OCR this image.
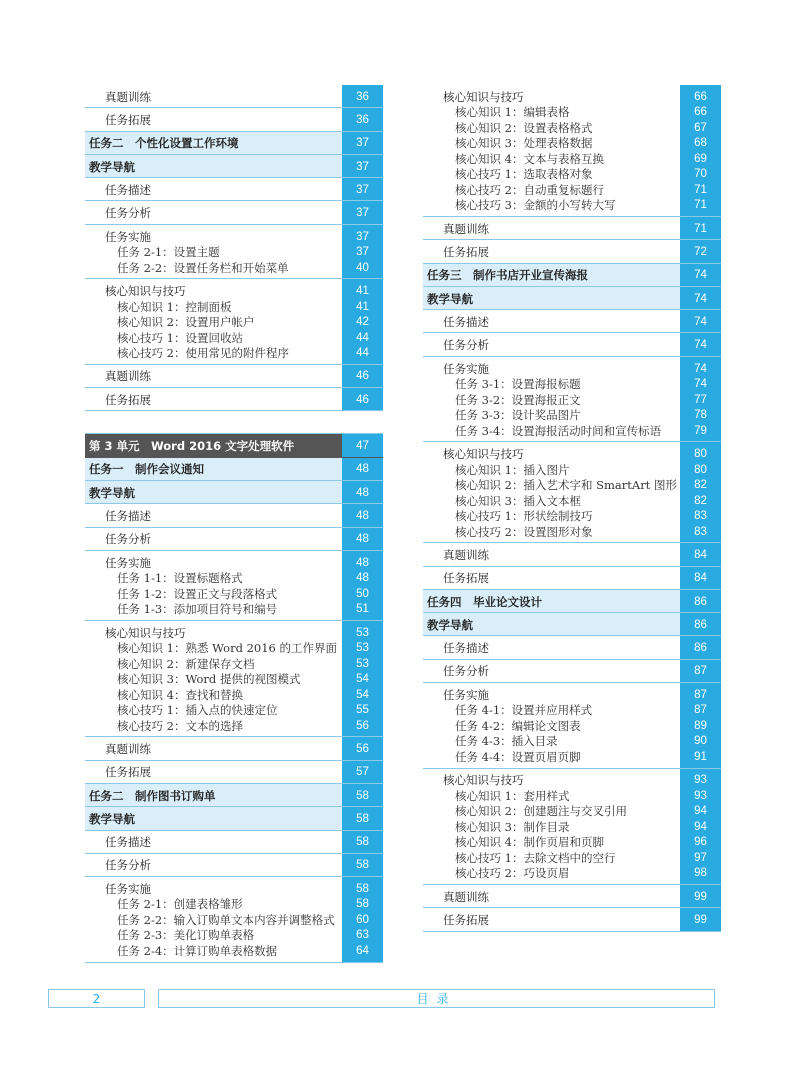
真题训练	36
任务拓展	36
任务二　个性化设置工作环境	37
教学导航	37
任务描述	37
任务分析	37
任务实施	37
任务 2-1：设置主题	37
任务 2-2：设置任务栏和开始菜单	40
核心知识与技巧	41
核心知识 1：控制面板	41
核心知识 2：设置用户帐户	42
核心技巧 1：设置回收站	44
核心技巧 2：使用常见的附件程序	44
真题训练	46
任务拓展	46
第 3 单元　Word 2016 文字处理软件	47
任务一　制作会议通知	48
教学导航	48
任务描述	48
任务分析	48
任务实施	48
任务 1-1：设置标题格式	48
任务 1-2：设置正文与段落格式	50
任务 1-3：添加项目符号和编号	51
核心知识与技巧	53
核心知识 1：熟悉 Word 2016 的工作界面	53
核心知识 2：新建保存文档	53
核心知识 3：Word 提供的视图模式	54
核心知识 4：查找和替换	54
核心技巧 1：插入点的快速定位	55
核心技巧 2：文本的选择	56
真题训练	56
任务拓展	57
任务二　制作图书订购单	58
教学导航	58
任务描述	58
任务分析	58
任务实施	58
任务 2-1：创建表格雏形	58
任务 2-2：输入订购单文本内容并调整格式	60
任务 2-3：美化订购单表格	63
任务 2-4：计算订购单表格数据	64
核心知识与技巧	66
核心知识 1：编辑表格	66
核心知识 2：设置表格格式	67
核心知识 3：处理表格数据	68
核心知识 4：文本与表格互换	69
核心技巧 1：选取表格对象	70
核心技巧 2：自动重复标题行	71
核心技巧 3：金额的小写转大写	71
真题训练	71
任务拓展	72
任务三　制作书店开业宣传海报	74
教学导航	74
任务描述	74
任务分析	74
任务实施	74
任务 3-1：设置海报标题	74
任务 3-2：设置海报正文	77
任务 3-3：设计奖品图片	78
任务 3-4：设置海报活动时间和宣传标语	79
核心知识与技巧	80
核心知识 1：插入图片	80
核心知识 2：插入艺术字和 SmartArt 图形	82
核心知识 3：插入文本框	82
核心技巧 1：形状绘制技巧	83
核心技巧 2：设置图形对象	83
真题训练	84
任务拓展	84
任务四　毕业论文设计	86
教学导航	86
任务描述	86
任务分析	87
任务实施	87
任务 4-1：设置并应用样式	87
任务 4-2：编辑论文图表	89
任务 4-3：插入目录	90
任务 4-4：设置页眉页脚	91
核心知识与技巧	93
核心知识 1：套用样式	93
核心知识 2：创建题注与交叉引用	94
核心知识 3：制作目录	94
核心知识 4：制作页眉和页脚	96
核心技巧 1：去除文档中的空行	97
核心技巧 2：巧设页眉	98
真题训练	99
任务拓展	99
2	目录
